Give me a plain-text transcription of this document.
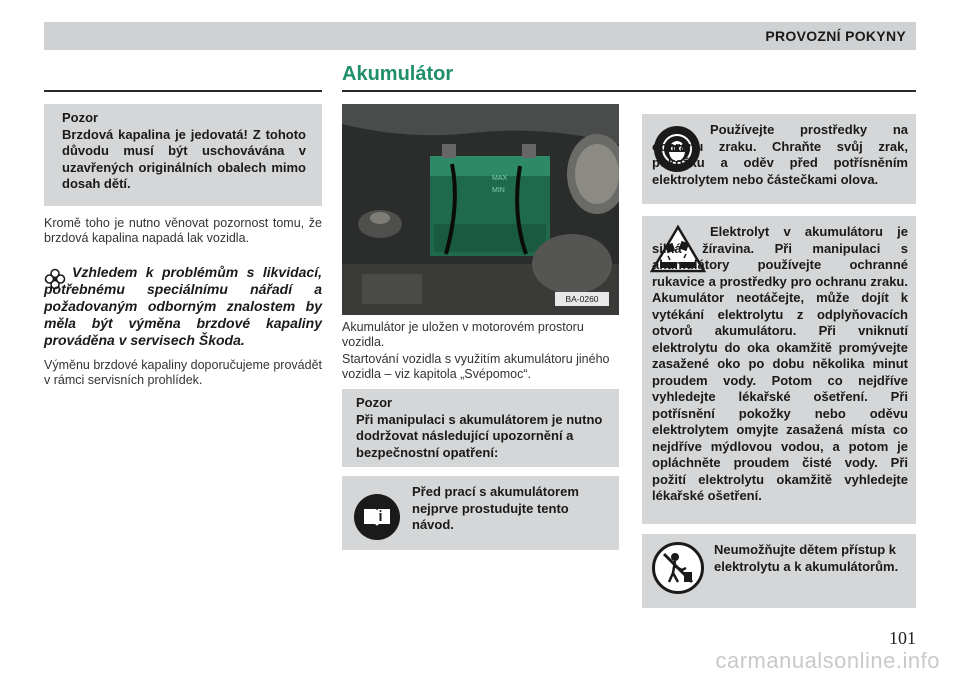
PROVOZNÍ POKYNY
Akumulátor
Pozor
Brzdová kapalina je jedovatá! Z tohoto důvodu musí být uschovávána v uzavřených originálních obalech mimo dosah dětí.
Kromě toho je nutno věnovat pozornost tomu, že brzdová kapalina napadá lak vozidla.
Vzhledem k problémům s likvidací, potřebnému speciálnímu nářadí a požadovaným odborným znalostem by měla být výměna brzdové kapaliny prováděna v servisech Škoda.
Výměnu brzdové kapaliny doporučujeme provádět v rámci servisních prohlídek.
MAX
MIN
BA-0260
Akumulátor je uložen v motorovém prostoru vozidla.
Startování vozidla s využitím akumulátoru jiného vozidla – viz kapitola „Svépomoc“.
Pozor
Při manipulaci s akumulátorem je nutno dodržovat následující upozornění a bezpečnostní opatření:
Před prací s akumulátorem nejprve prostudujte tento návod.
Používejte prostředky na ochranu zraku. Chraňte svůj zrak, pokožku a oděv před potřísněním elektrolytem nebo částečkami olova.
Elektrolyt v akumulátoru je silná žíravina. Při manipulaci s akumulátory používejte ochranné rukavice a prostředky pro ochranu zraku. Akumulátor neotáčejte, může dojít k vytékání elektrolytu z odplyňovacích otvorů akumulátoru. Při vniknutí elektrolytu do oka okamžitě promývejte zasažené oko po dobu několika minut proudem vody. Potom co nejdříve vyhledejte lékařské ošetření. Při potřísnění pokožky nebo oděvu elektrolytem omyjte zasažená místa co nejdříve mýdlovou vodou, a potom je opláchněte proudem čisté vody. Při požití elektrolytu okamžitě vyhledejte lékařské ošetření.
Neumožňujte dětem přístup k elektrolytu a k akumulátorům.
101
carmanualsonline.info
